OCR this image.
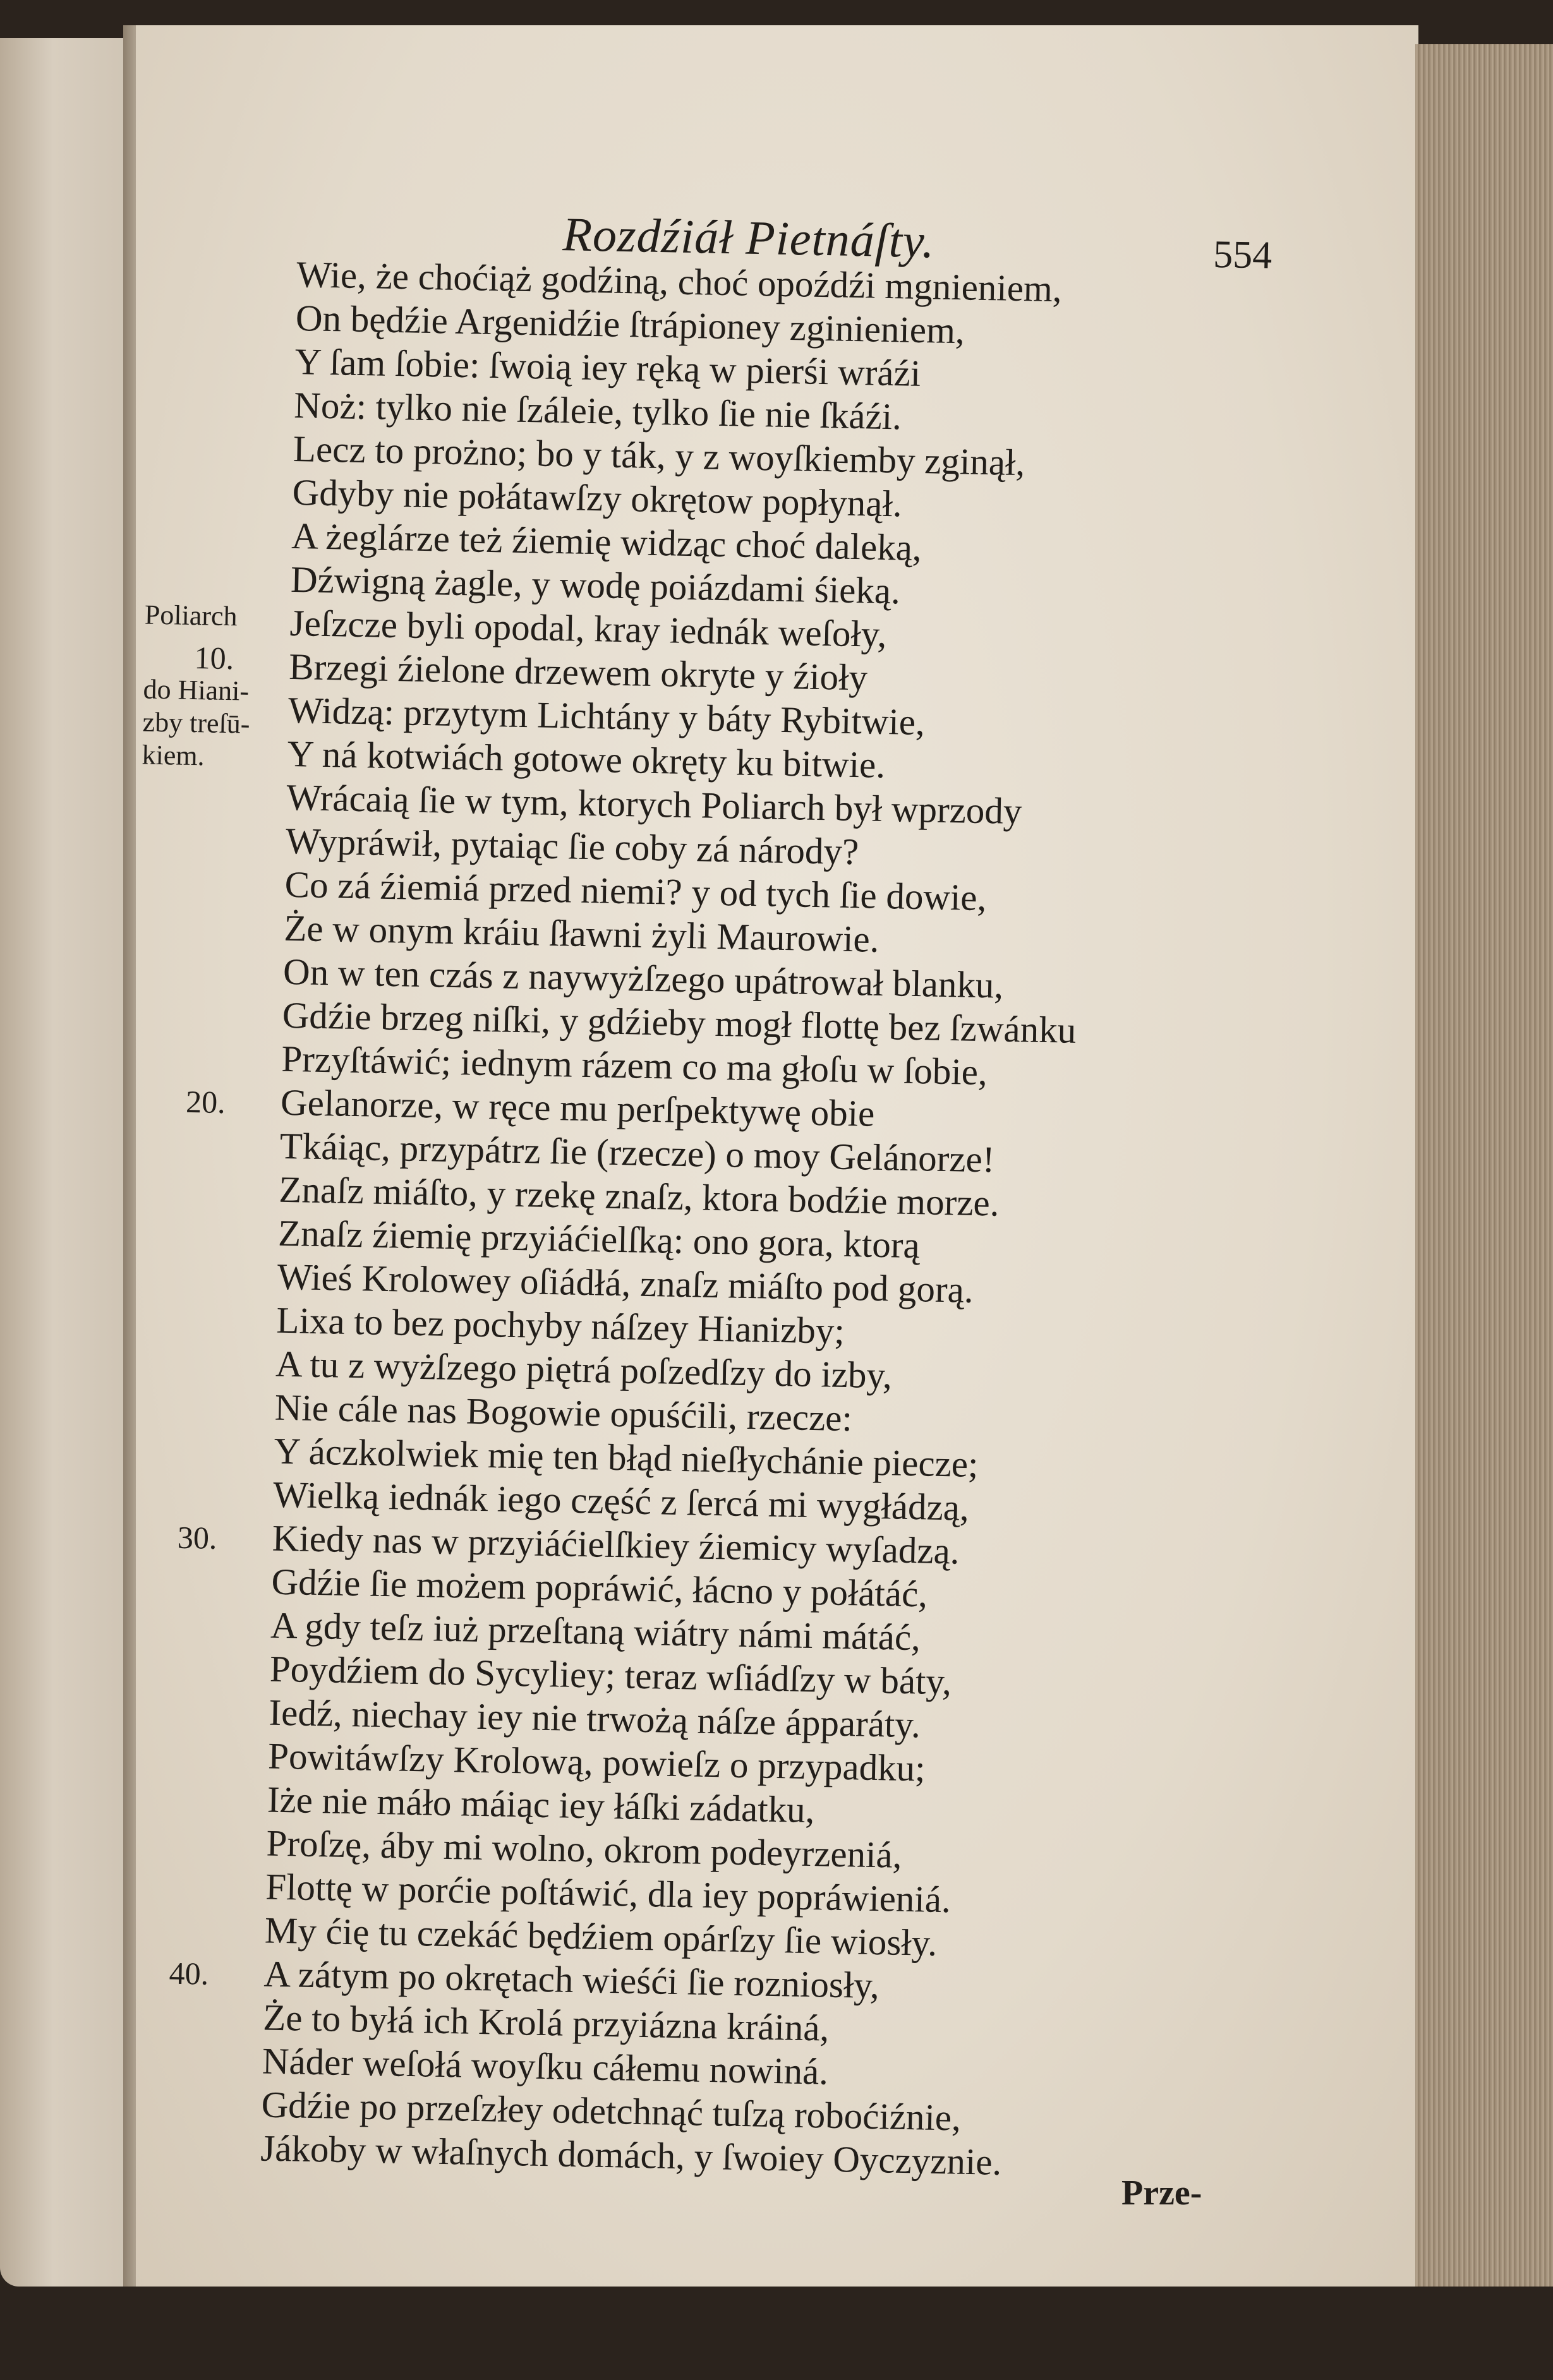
Rozdźiáł Pietnáſty.	554
Poliarch
10.
do Hiani-
zby treſū-
kiem.
20.
30.
40.
Wie, że choćiąż godźiną, choć opoźdźi mgnieniem,
On będźie Argenidźie ſtrápioney zginieniem,
Y ſam ſobie: ſwoią iey ręką w pierśi wráźi
Noż: tylko nie ſzáleie, tylko ſie nie ſkáźi.
Lecz to prożno; bo y ták, y z woyſkiemby zginął,
Gdyby nie połátawſzy okrętow popłynął.
A żeglárze też źiemię widząc choć daleką,
Dźwigną żagle, y wodę poiázdami śieką.
Jeſzcze byli opodal, kray iednák weſoły,
Brzegi źielone drzewem okryte y źioły
Widzą: przytym Lichtány y báty Rybitwie,
Y ná kotwiách gotowe okręty ku bitwie.
Wrácaią ſie w tym, ktorych Poliarch był wprzody
Wypráwił, pytaiąc ſie coby zá národy?
Co zá źiemiá przed niemi? y od tych ſie dowie,
Że w onym kráiu ſławni żyli Maurowie.
On w ten czás z naywyżſzego upátrował blanku,
Gdźie brzeg niſki, y gdźieby mogł flottę bez ſzwánku
Przyſtáwić; iednym rázem co ma głoſu w ſobie,
Gelanorze, w ręce mu perſpektywę obie
Tkáiąc, przypátrz ſie (rzecze) o moy Gelánorze!
Znaſz miáſto, y rzekę znaſz, ktora bodźie morze.
Znaſz źiemię przyiáćielſką: ono gora, ktorą
Wieś Krolowey oſiádłá, znaſz miáſto pod gorą.
Lixa to bez pochyby náſzey Hianizby;
A tu z wyżſzego piętrá poſzedſzy do izby,
Nie cále nas Bogowie opuśćili, rzecze:
Y áczkolwiek mię ten błąd nieſłychánie piecze;
Wielką iednák iego część z ſercá mi wygłádzą,
Kiedy nas w przyiáćielſkiey źiemicy wyſadzą.
Gdźie ſie możem popráwić, łácno y połátáć,
A gdy teſz iuż przeſtaną wiátry námi mátáć,
Poydźiem do Sycyliey; teraz wſiádſzy w báty,
Iedź, niechay iey nie trwożą náſze ápparáty.
Powitáwſzy Krolową, powieſz o przypadku;
Iże nie máło máiąc iey łáſki zádatku,
Proſzę, áby mi wolno, okrom podeyrzeniá,
Flottę w porćie poſtáwić, dla iey popráwieniá.
My ćię tu czekáć będźiem opárſzy ſie wiosły.
A zátym po okrętach wieśći ſie rozniosły,
Że to byłá ich Krolá przyiázna kráiná,
Náder weſołá woyſku cáłemu nowiná.
Gdźie po przeſzłey odetchnąć tuſzą roboćiźnie,
Jákoby w właſnych domách, y ſwoiey Oyczyznie.
Prze-
